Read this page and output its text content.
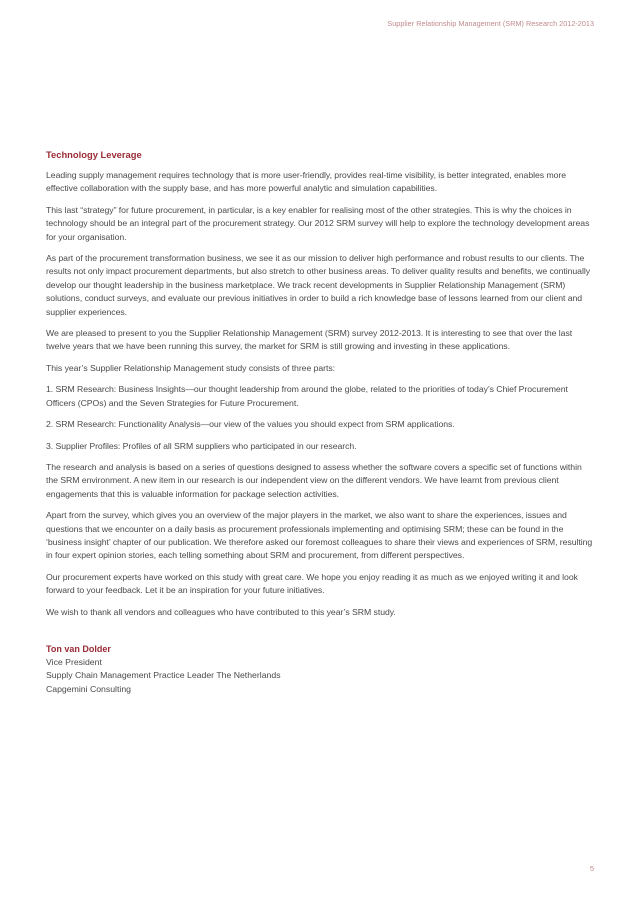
Supplier Relationship Management (SRM) Research 2012-2013
Technology Leverage

Leading supply management requires technology that is more user-friendly, provides real-time visibility, is better integrated, enables more effective collaboration with the supply base, and has more powerful analytic and simulation capabilities.

This last “strategy” for future procurement, in particular, is a key enabler for realising most of the other strategies. This is why the choices in technology should be an integral part of the procurement strategy. Our 2012 SRM survey will help to explore the technology development areas for your organisation.

As part of the procurement transformation business, we see it as our mission to deliver high performance and robust results to our clients. The results not only impact procurement departments, but also stretch to other business areas. To deliver quality results and benefits, we continually develop our thought leadership in the business marketplace. We track recent developments in Supplier Relationship Management (SRM) solutions, conduct surveys, and evaluate our previous initiatives in order to build a rich knowledge base of lessons learned from our client and supplier experiences.

We are pleased to present to you the Supplier Relationship Management (SRM) survey 2012-2013. It is interesting to see that over the last twelve years that we have been running this survey, the market for SRM is still growing and investing in these applications.

This year’s Supplier Relationship Management study consists of three parts:

1. SRM Research: Business Insights—our thought leadership from around the globe, related to the priorities of today’s Chief Procurement Officers (CPOs) and the Seven Strategies for Future Procurement.

2. SRM Research: Functionality Analysis—our view of the values you should expect from SRM applications.

3. Supplier Profiles: Profiles of all SRM suppliers who participated in our research.

The research and analysis is based on a series of questions designed to assess whether the software covers a specific set of functions within the SRM environment. A new item in our research is our independent view on the different vendors. We have learnt from previous client engagements that this is valuable information for package selection activities.

Apart from the survey, which gives you an overview of the major players in the market, we also want to share the experiences, issues and questions that we encounter on a daily basis as procurement professionals implementing and optimising SRM; these can be found in the ‘business insight’ chapter of our publication. We therefore asked our foremost colleagues to share their views and experiences of SRM, resulting in four expert opinion stories, each telling something about SRM and procurement, from different perspectives.

Our procurement experts have worked on this study with great care. We hope you enjoy reading it as much as we enjoyed writing it and look forward to your feedback. Let it be an inspiration for your future initiatives.

We wish to thank all vendors and colleagues who have contributed to this year’s SRM study.

Ton van Dolder
Vice President
Supply Chain Management Practice Leader The Netherlands
Capgemini Consulting
5
